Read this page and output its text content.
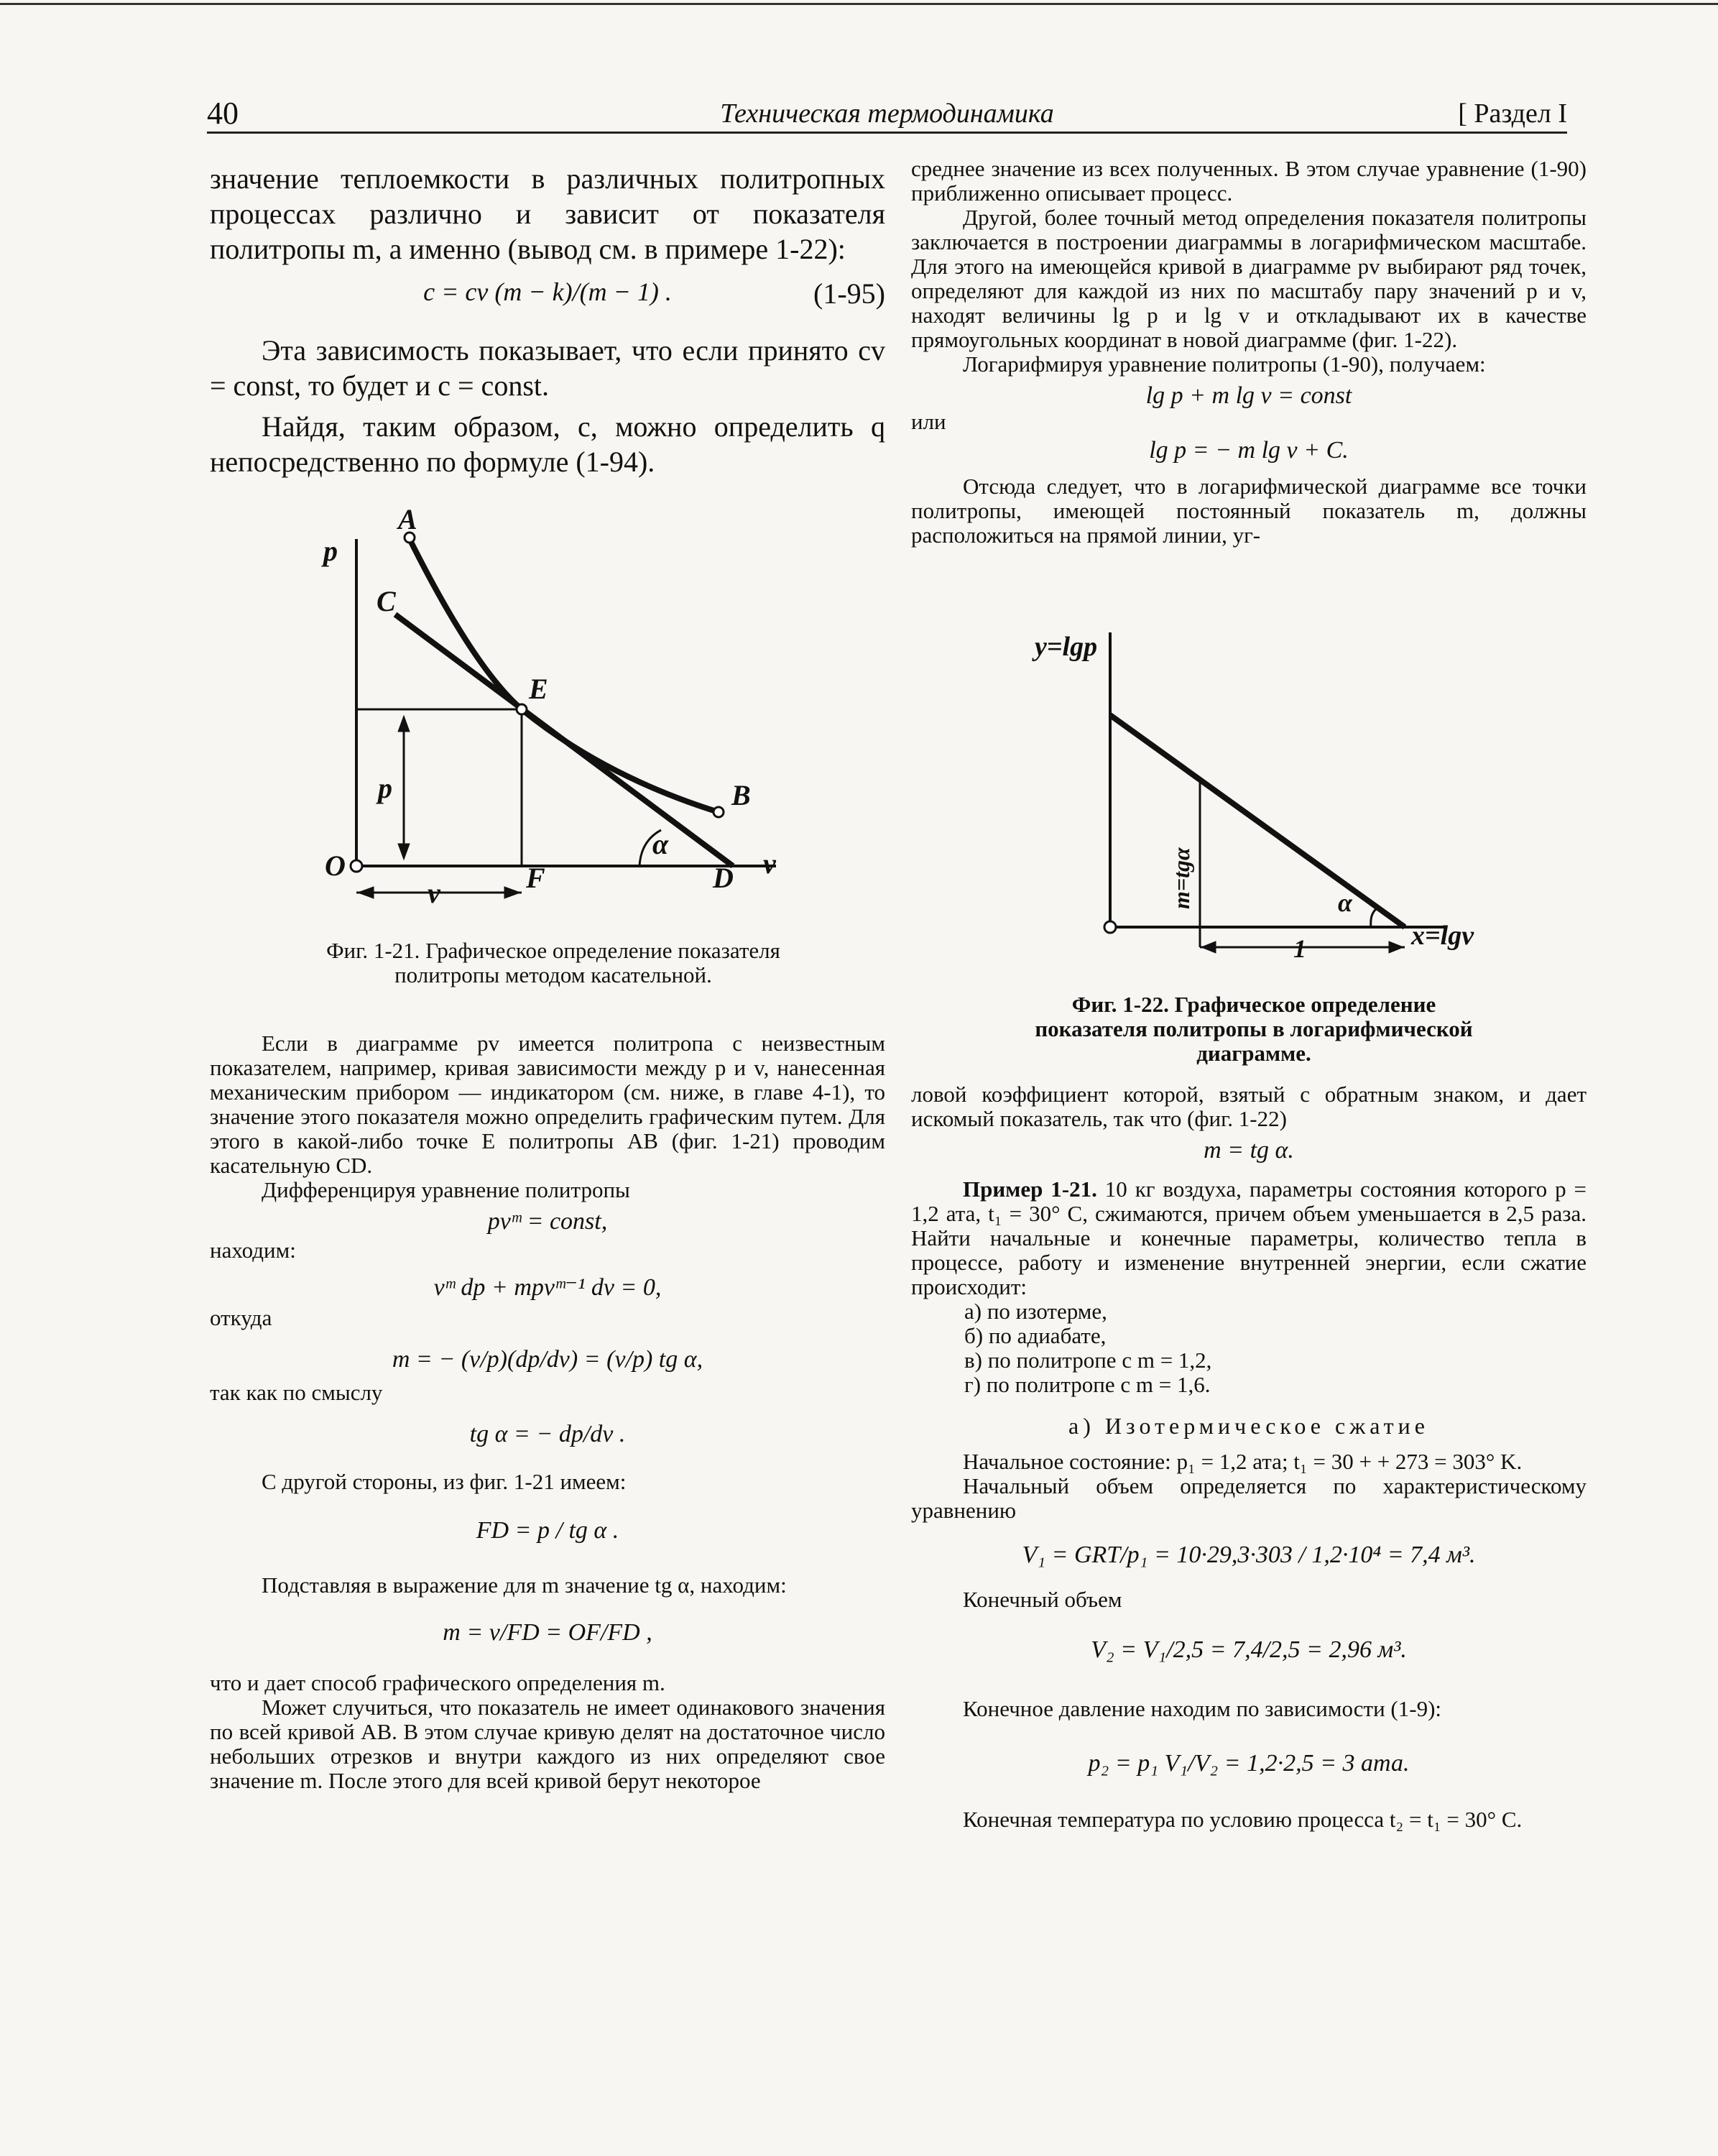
40	Техническая термодинамика	[ Раздел I

значение теплоемкости в различных политропных процессах различно и зависит от показателя политропы m, а именно (вывод см. в примере 1-22):

c = cv (m − k)/(m − 1) .	(1-95)

Эта зависимость показывает, что если принято cv = const, то будет и c = const.

Найдя, таким образом, c, можно определить q непосредственно по формуле (1-94).

p
A
C
E
B
p
α
O	F	D v
v

Фиг. 1-21. Графическое определение показателя политропы методом касательной.

Если в диаграмме pv имеется политропа с неизвестным показателем, например, кривая зависимости между p и v, нанесенная механическим прибором — индикатором (см. ниже, в главе 4-1), то значение этого показателя можно определить графическим путем. Для этого в какой-либо точке E политропы AB (фиг. 1-21) проводим касательную CD.

Дифференцируя уравнение политропы

pvᵐ = const,

находим:

vᵐ dp + mpvᵐ⁻¹ dv = 0,

откуда

m = − (v/p)(dp/dv) = (v/p) tg α,

так как по смыслу

tg α = − dp/dv .

С другой стороны, из фиг. 1-21 имеем:

FD = p / tg α .

Подставляя в выражение для m значение tg α, находим:

m = v/FD = OF/FD ,

что и дает способ графического определения m.

Может случиться, что показатель не имеет одинакового значения по всей кривой AB. В этом случае кривую делят на достаточное число небольших отрезков и внутри каждого из них определяют свое значение m. После этого для всей кривой берут некоторое

среднее значение из всех полученных. В этом случае уравнение (1-90) приближенно описывает процесс.

Другой, более точный метод определения показателя политропы заключается в построении диаграммы в логарифмическом масштабе. Для этого на имеющейся кривой в диаграмме pv выбирают ряд точек, определяют для каждой из них по масштабу пару значений p и v, находят величины lg p и lg v и откладывают их в качестве прямоугольных координат в новой диаграмме (фиг. 1-22).

Логарифмируя уравнение политропы (1-90), получаем:

lg p + m lg v = const

или

lg p = − m lg v + C.

Отсюда следует, что в логарифмической диаграмме все точки политропы, имеющей постоянный показатель m, должны расположиться на прямой линии, уг-

y=lgp
m=tgα	α
1	x=lgv

Фиг. 1-22. Графическое определение показателя политропы в логарифмической диаграмме.

ловой коэффициент которой, взятый с обратным знаком, и дает искомый показатель, так что (фиг. 1-22)

m = tg α.

Пример 1-21. 10 кг воздуха, параметры состояния которого p = 1,2 ата, t₁ = 30° C, сжимаются, причем объем уменьшается в 2,5 раза. Найти начальные и конечные параметры, количество тепла в процессе, работу и изменение внутренней энергии, если сжатие происходит:

а) по изотерме,
б) по адиабате,
в) по политропе с m = 1,2,
г) по политропе с m = 1,6.
а) Изотермическое сжатие

Начальное состояние: p₁ = 1,2 ата; t₁ = 30 + + 273 = 303° K.

Начальный объем определяется по характеристическому уравнению

V₁ = GRT/p₁ = 10·29,3·303 / 1,2·10⁴ = 7,4 м³.

Конечный объем

V₂ = V₁/2,5 = 7,4/2,5 = 2,96 м³.

Конечное давление находим по зависимости (1-9):

p₂ = p₁ V₁/V₂ = 1,2·2,5 = 3 ата.

Конечная температура по условию процесса t₂ = t₁ = 30° C.
